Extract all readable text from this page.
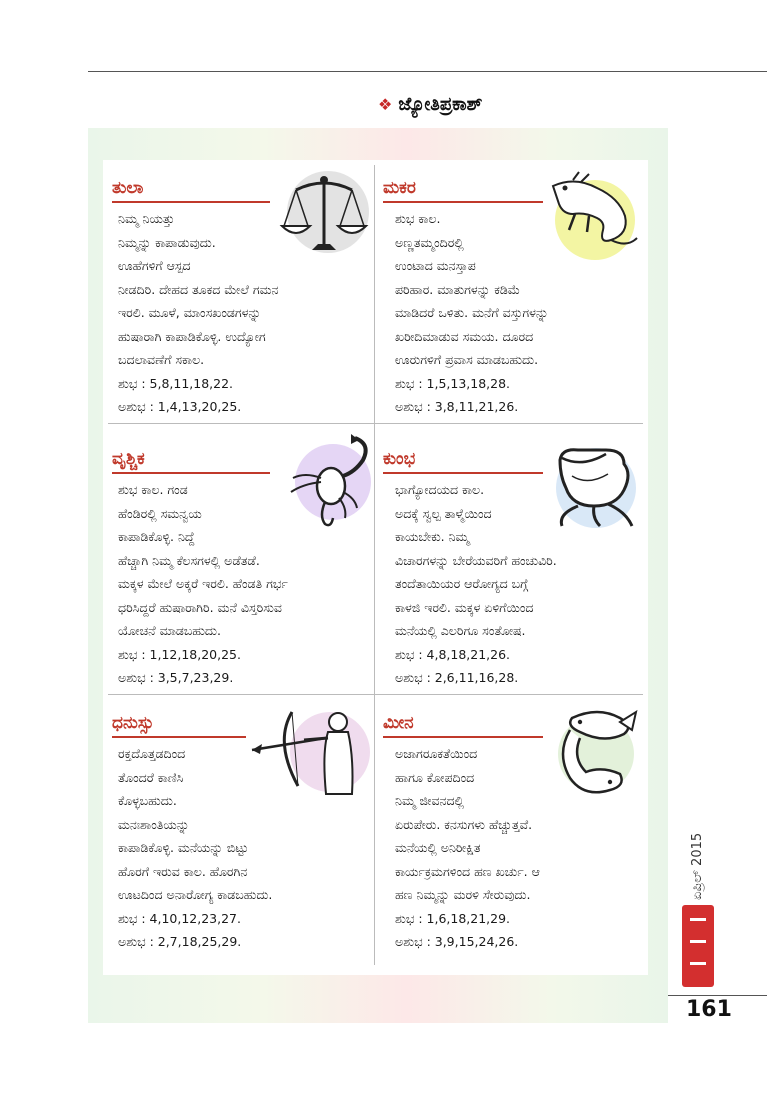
❖ ಜ್ಯೋತಿಪ್ರಕಾಶ್
ತುಲಾ
ನಿಮ್ಮ ನಿಯತ್ತು
ನಿಮ್ಮನ್ನು ಕಾಪಾಡುವುದು.
ಊಹೆಗಳಿಗೆ ಆಸ್ಪದ
ನೀಡದಿರಿ. ದೇಹದ ತೂಕದ ಮೇಲೆ ಗಮನ
ಇರಲಿ. ಮೂಳೆ, ಮಾಂಸಖಂಡಗಳನ್ನು
ಹುಷಾರಾಗಿ ಕಾಪಾಡಿಕೊಳ್ಳಿ. ಉದ್ಯೋಗ
ಬದಲಾವಣೆಗೆ ಸಕಾಲ.
ಶುಭ : 5,8,11,18,22.
ಅಶುಭ : 1,4,13,20,25.
ಮಕರ
ಶುಭ ಕಾಲ.
ಅಣ್ಣತಮ್ಮಂದಿರಲ್ಲಿ
ಉಂಟಾದ ಮನಸ್ತಾಪ
ಪರಿಹಾರ. ಮಾತುಗಳನ್ನು ಕಡಿಮೆ
ಮಾಡಿದರೆ ಒಳಿತು. ಮನೆಗೆ ವಸ್ತುಗಳನ್ನು
ಖರೀದಿಮಾಡುವ ಸಮಯ. ದೂರದ
ಊರುಗಳಿಗೆ ಪ್ರವಾಸ ಮಾಡಬಹುದು.
ಶುಭ : 1,5,13,18,28.
ಅಶುಭ : 3,8,11,21,26.
ವೃಶ್ಚಿಕ
ಶುಭ ಕಾಲ. ಗಂಡ
ಹೆಂಡಿರಲ್ಲಿ ಸಮನ್ವಯ
ಕಾಪಾಡಿಕೊಳ್ಳಿ. ನಿದ್ದೆ
ಹೆಚ್ಚಾಗಿ ನಿಮ್ಮ ಕೆಲಸಗಳಲ್ಲಿ ಅಡೆತಡೆ.
ಮಕ್ಕಳ ಮೇಲೆ ಅಕ್ಕರೆ ಇರಲಿ. ಹೆಂಡತಿ ಗರ್ಭ
ಧರಿಸಿದ್ದರೆ ಹುಷಾರಾಗಿರಿ. ಮನೆ ವಿಸ್ತರಿಸುವ
ಯೋಚನೆ ಮಾಡಬಹುದು.
ಶುಭ : 1,12,18,20,25.
ಅಶುಭ : 3,5,7,23,29.
ಕುಂಭ
ಭಾಗ್ಯೋದಯದ ಕಾಲ.
ಅದಕ್ಕೆ ಸ್ವಲ್ಪ ತಾಳ್ಮೆಯಿಂದ
ಕಾಯಬೇಕು. ನಿಮ್ಮ
ವಿಚಾರಗಳನ್ನು ಬೇರೆಯವರಿಗೆ ಹಂಚುವಿರಿ.
ತಂದೆತಾಯಿಯರ ಆರೋಗ್ಯದ ಬಗ್ಗೆ
ಕಾಳಜಿ ಇರಲಿ. ಮಕ್ಕಳ ಏಳಿಗೆಯಿಂದ
ಮನೆಯಲ್ಲಿ ಎಲರಿಗೂ ಸಂತೋಷ.
ಶುಭ : 4,8,18,21,26.
ಅಶುಭ : 2,6,11,16,28.
ಧನುಸ್ಸು
ರಕ್ತದೊತ್ತಡದಿಂದ
ತೊಂದರೆ ಕಾಣಿಸಿ
ಕೊಳ್ಳಬಹುದು.
ಮನಃಶಾಂತಿಯನ್ನು
ಕಾಪಾಡಿಕೊಳ್ಳಿ. ಮನೆಯನ್ನು ಬಿಟ್ಟು
ಹೊರಗೆ ಇರುವ ಕಾಲ. ಹೊರಗಿನ
ಊಟದಿಂದ ಅನಾರೋಗ್ಯ ಕಾಡಬಹುದು.
ಶುಭ : 4,10,12,23,27.
ಅಶುಭ : 2,7,18,25,29.
ಮೀನ
ಅಜಾಗರೂಕತೆಯಿಂದ
ಹಾಗೂ ಕೋಪದಿಂದ
ನಿಮ್ಮ ಜೀವನದಲ್ಲಿ
ಏರುಪೇರು. ಕನಸುಗಳು ಹೆಚ್ಚುತ್ತವೆ.
ಮನೆಯಲ್ಲಿ ಅನಿರೀಕ್ಷಿತ
ಕಾರ್ಯಕ್ರಮಗಳಿಂದ ಹಣ ಖರ್ಚು. ಆ
ಹಣ ನಿಮ್ಮನ್ನು ಮರಳಿ ಸೇರುವುದು.
ಶುಭ : 1,6,18,21,29.
ಅಶುಭ : 3,9,15,24,26.
ಏಪ್ರಿಲ್ 2015
161
